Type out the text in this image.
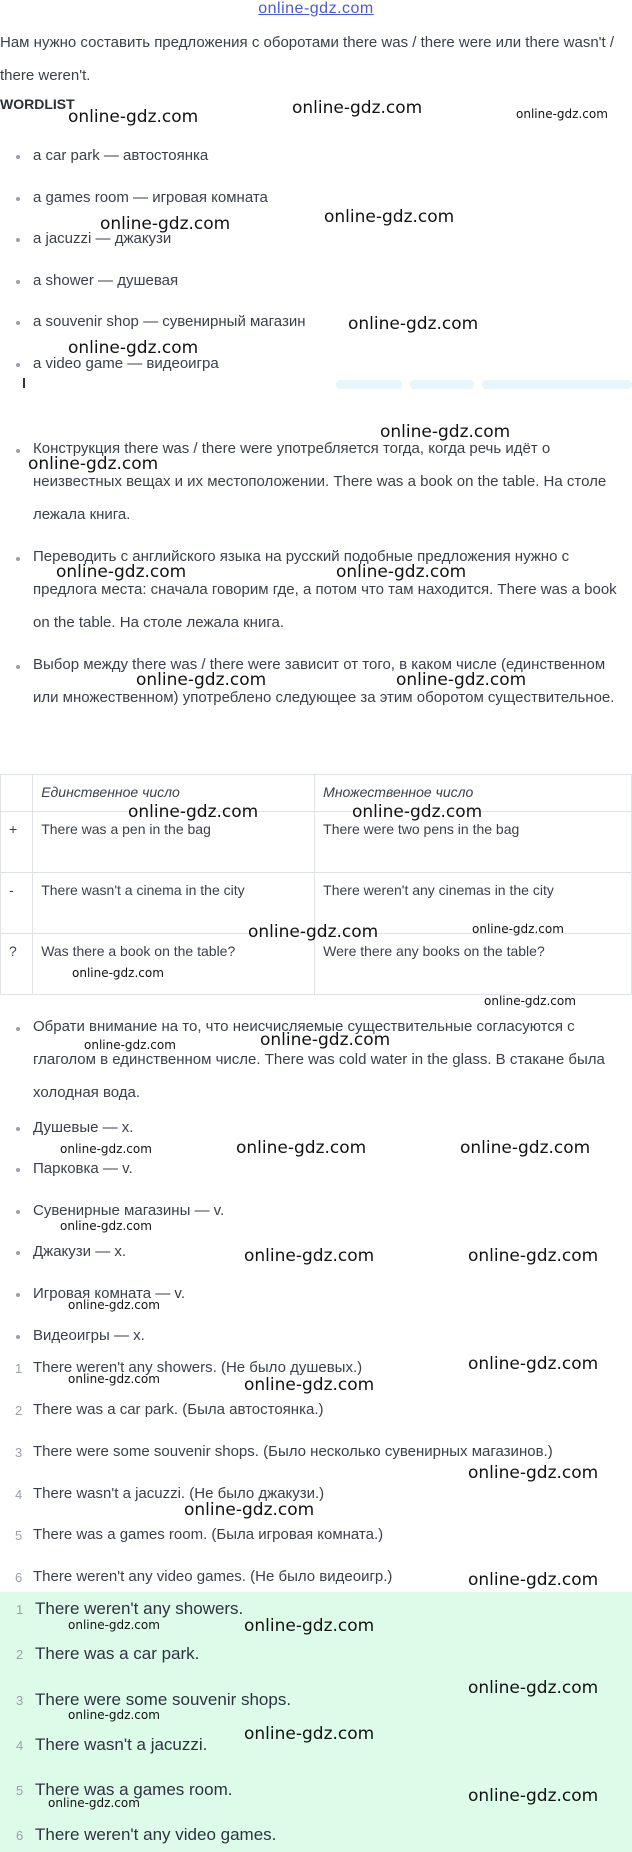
online-gdz.com
Нам нужно составить предложения с оборотами there was / there were или there wasn't / there weren't.
WORDLIST
a car park — автостоянка
a games room — игровая комната
a jacuzzi — джакузи
a shower — душевая
a souvenir shop — сувенирный магазин
a video game — видеоигра
Конструкция there was / there were употребляется тогда, когда речь идёт о неизвестных вещах и их местоположении. There was a book on the table. На столе лежала книга.
Переводить с английского языка на русский подобные предложения нужно с предлога места: сначала говорим где, а потом что там находится. There was a book on the table. На столе лежала книга.
Выбор между there was / there were зависит от того, в каком числе (единственном или множественном) употреблено следующее за этим оборотом существительное.
	Единственное число	Множественное число
+	There was a pen in the bag	There were two pens in the bag
-	There wasn't a cinema in the city	There weren't any cinemas in the city
?	Was there a book on the table?	Were there any books on the table?
Обрати внимание на то, что неисчисляемые существительные согласуются с глаголом в единственном числе. There was cold water in the glass. В стакане была холодная вода.
Душевые — x.
Парковка — v.
Сувенирные магазины — v.
Джакузи — x.
Игровая комната — v.
Видеоигры — x.
1 There weren't any showers. (Не было душевых.)
2 There was a car park. (Была автостоянка.)
3 There were some souvenir shops. (Было несколько сувенирных магазинов.)
4 There wasn't a jacuzzi. (Не было джакузи.)
5 There was a games room. (Была игровая комната.)
6 There weren't any video games. (Не было видеоигр.)
1 There weren't any showers.
2 There was a car park.
3 There were some souvenir shops.
4 There wasn't a jacuzzi.
5 There was a games room.
6 There weren't any video games.
online-gdz.com	online-gdz.com	online-gdz.com
online-gdz.com	online-gdz.com
online-gdz.com
online-gdz.com
online-gdz.com
online-gdz.com
online-gdz.com	online-gdz.com
online-gdz.com	online-gdz.com
online-gdz.com	online-gdz.com
online-gdz.com	online-gdz.com
online-gdz.com
online-gdz.com
online-gdz.com
online-gdz.com
online-gdz.com	online-gdz.com
online-gdz.com
online-gdz.com
online-gdz.com	online-gdz.com
online-gdz.com
online-gdz.com
online-gdz.com	online-gdz.com
online-gdz.com
online-gdz.com
online-gdz.com
online-gdz.com	online-gdz.com
online-gdz.com
online-gdz.com
online-gdz.com
online-gdz.com
online-gdz.com
